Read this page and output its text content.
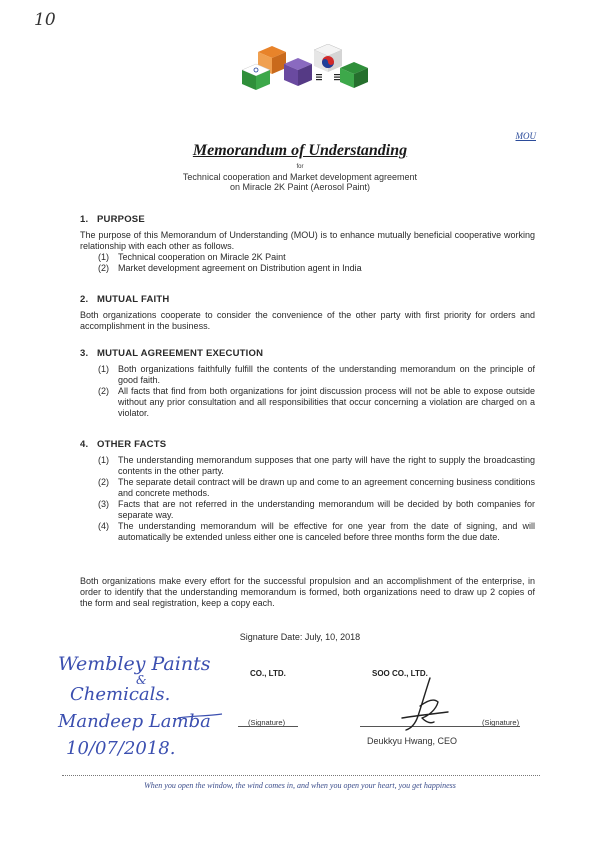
10
MOU
Memorandum of Understanding
for
Technical cooperation and Market development agreement
on Miracle 2K Paint (Aerosol Paint)
1. PURPOSE
The purpose of this Memorandum of Understanding (MOU) is to enhance mutually beneficial cooperative working relationship with each other as follows.
(1)	Technical cooperation on Miracle 2K Paint
(2)	Market development agreement on Distribution agent in India
2. MUTUAL FAITH
Both organizations cooperate to consider the convenience of the other party with first priority for orders and accomplishment in the business.
3. MUTUAL AGREEMENT EXECUTION
(1)	Both organizations faithfully fulfill the contents of the understanding memorandum on the principle of good faith.
(2)	All facts that find from both organizations for joint discussion process will not be able to expose outside without any prior consultation and all responsibilities that occur concerning a violation are charged on a violator.
4. OTHER FACTS
(1)	The understanding memorandum supposes that one party will have the right to supply the broadcasting contents in the other party.
(2)	The separate detail contract will be drawn up and come to an agreement concerning business conditions and concrete methods.
(3)	Facts that are not referred in the understanding memorandum will be decided by both companies for separate way.
(4)	The understanding memorandum will be effective for one year from the date of signing, and will automatically be extended unless either one is canceled before three months form the due date.
Both organizations make every effort for the successful propulsion and an accomplishment of the enterprise, in order to identify that the understanding memorandum is formed, both organizations need to draw up 2 copies of the form and seal registration, keep a copy each.
Signature Date: July, 10, 2018
CO., LTD.	SOO CO., LTD.
(Signature)	(Signature)
Deukkyu Hwang, CEO
Wembley Paints
&
Chemicals.
Mandeep Lamba
10/07/2018.
When you open the window, the wind comes in, and when you open your heart, you get happiness
